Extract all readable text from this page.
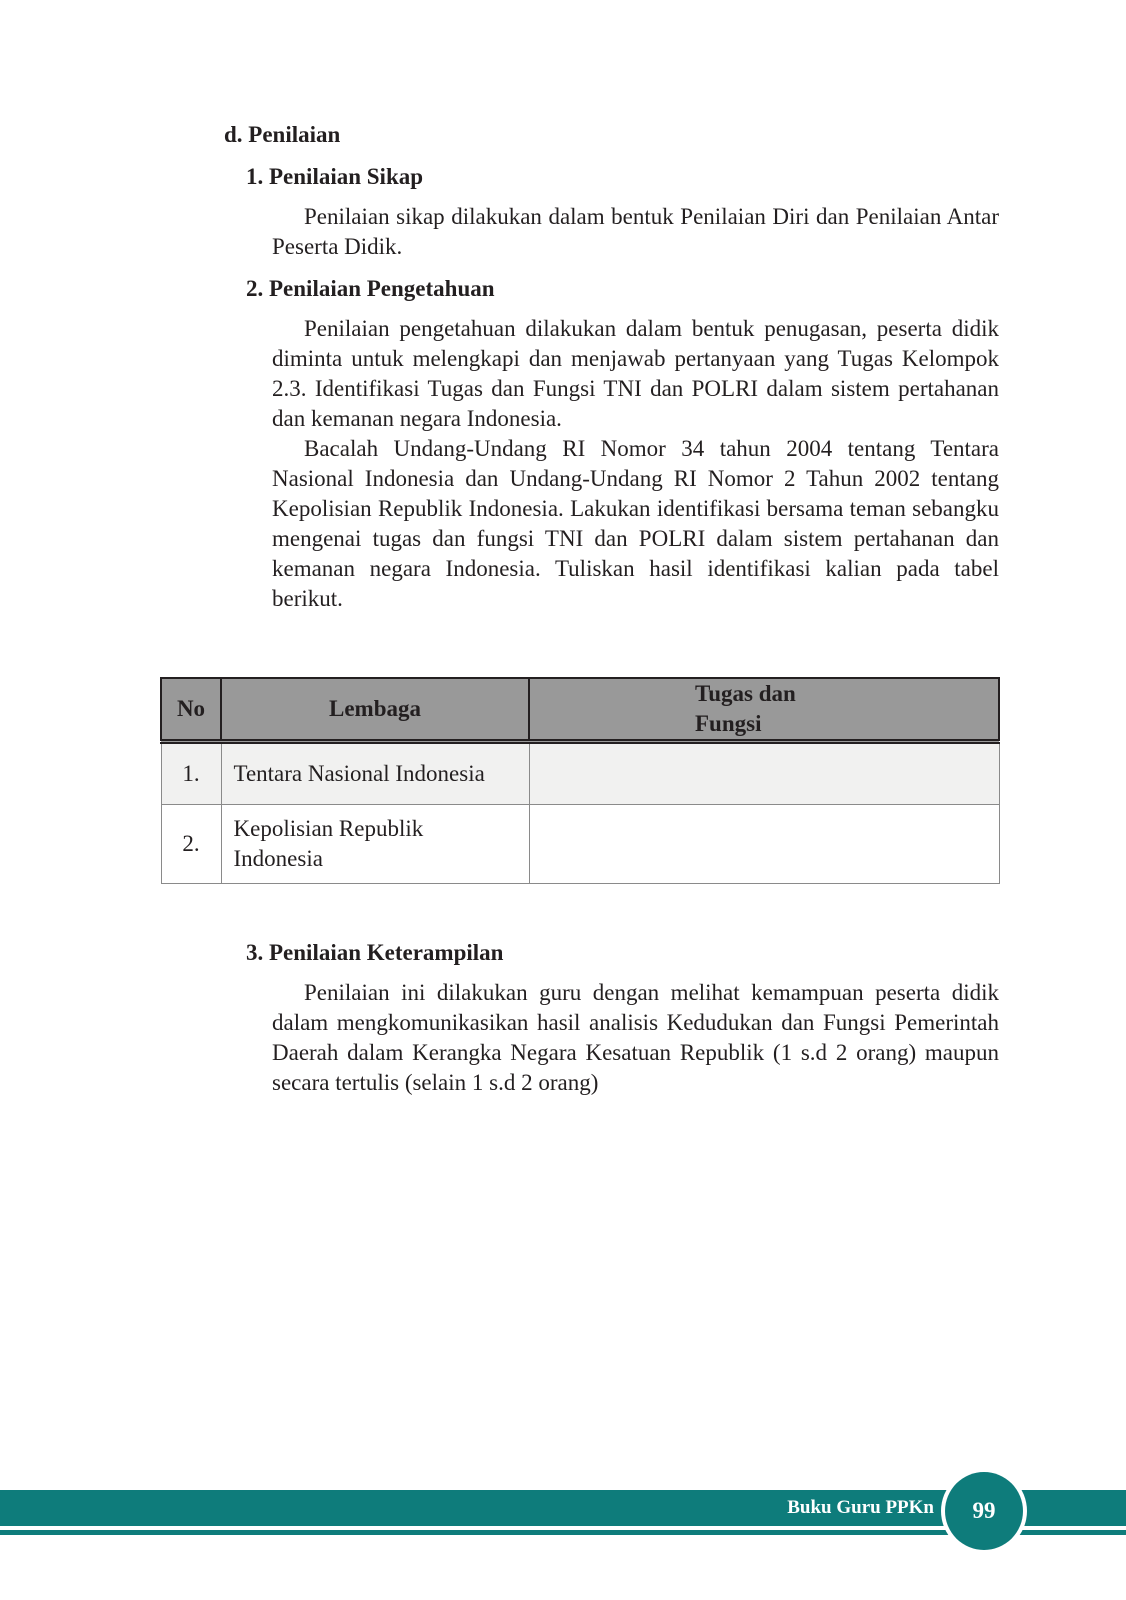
d. Penilaian
1. Penilaian Sikap

Penilaian sikap dilakukan dalam bentuk Penilaian Diri dan Penilaian Antar Peserta Didik.

2. Penilaian Pengetahuan

Penilaian pengetahuan dilakukan dalam bentuk penugasan, peserta didik diminta untuk melengkapi dan menjawab pertanyaan yang Tugas Kelompok 2.3. Identifikasi Tugas dan Fungsi TNI dan POLRI dalam sistem pertahanan dan kemanan negara Indonesia.

Bacalah Undang-Undang RI Nomor 34 tahun 2004 tentang Tentara Nasional Indonesia dan Undang-Undang RI Nomor 2 Tahun 2002 tentang Kepolisian Republik Indonesia. Lakukan identifikasi bersama teman sebangku mengenai tugas dan fungsi TNI dan POLRI dalam sistem pertahanan dan kemanan negara Indonesia. Tuliskan hasil identifikasi kalian pada tabel berikut.

No	Lembaga	Tugas dan
Fungsi

1.	Tentara Nasional Indonesia	
2.	Kepolisian Republik
Indonesia	

3. Penilaian Keterampilan

Penilaian ini dilakukan guru dengan melihat kemampuan peserta didik dalam mengkomunikasikan hasil analisis Kedudukan dan Fungsi Pemerintah Daerah dalam Kerangka Negara Kesatuan Republik (1 s.d 2 orang) maupun secara tertulis (selain 1 s.d 2 orang)

Buku Guru PPKn 99
